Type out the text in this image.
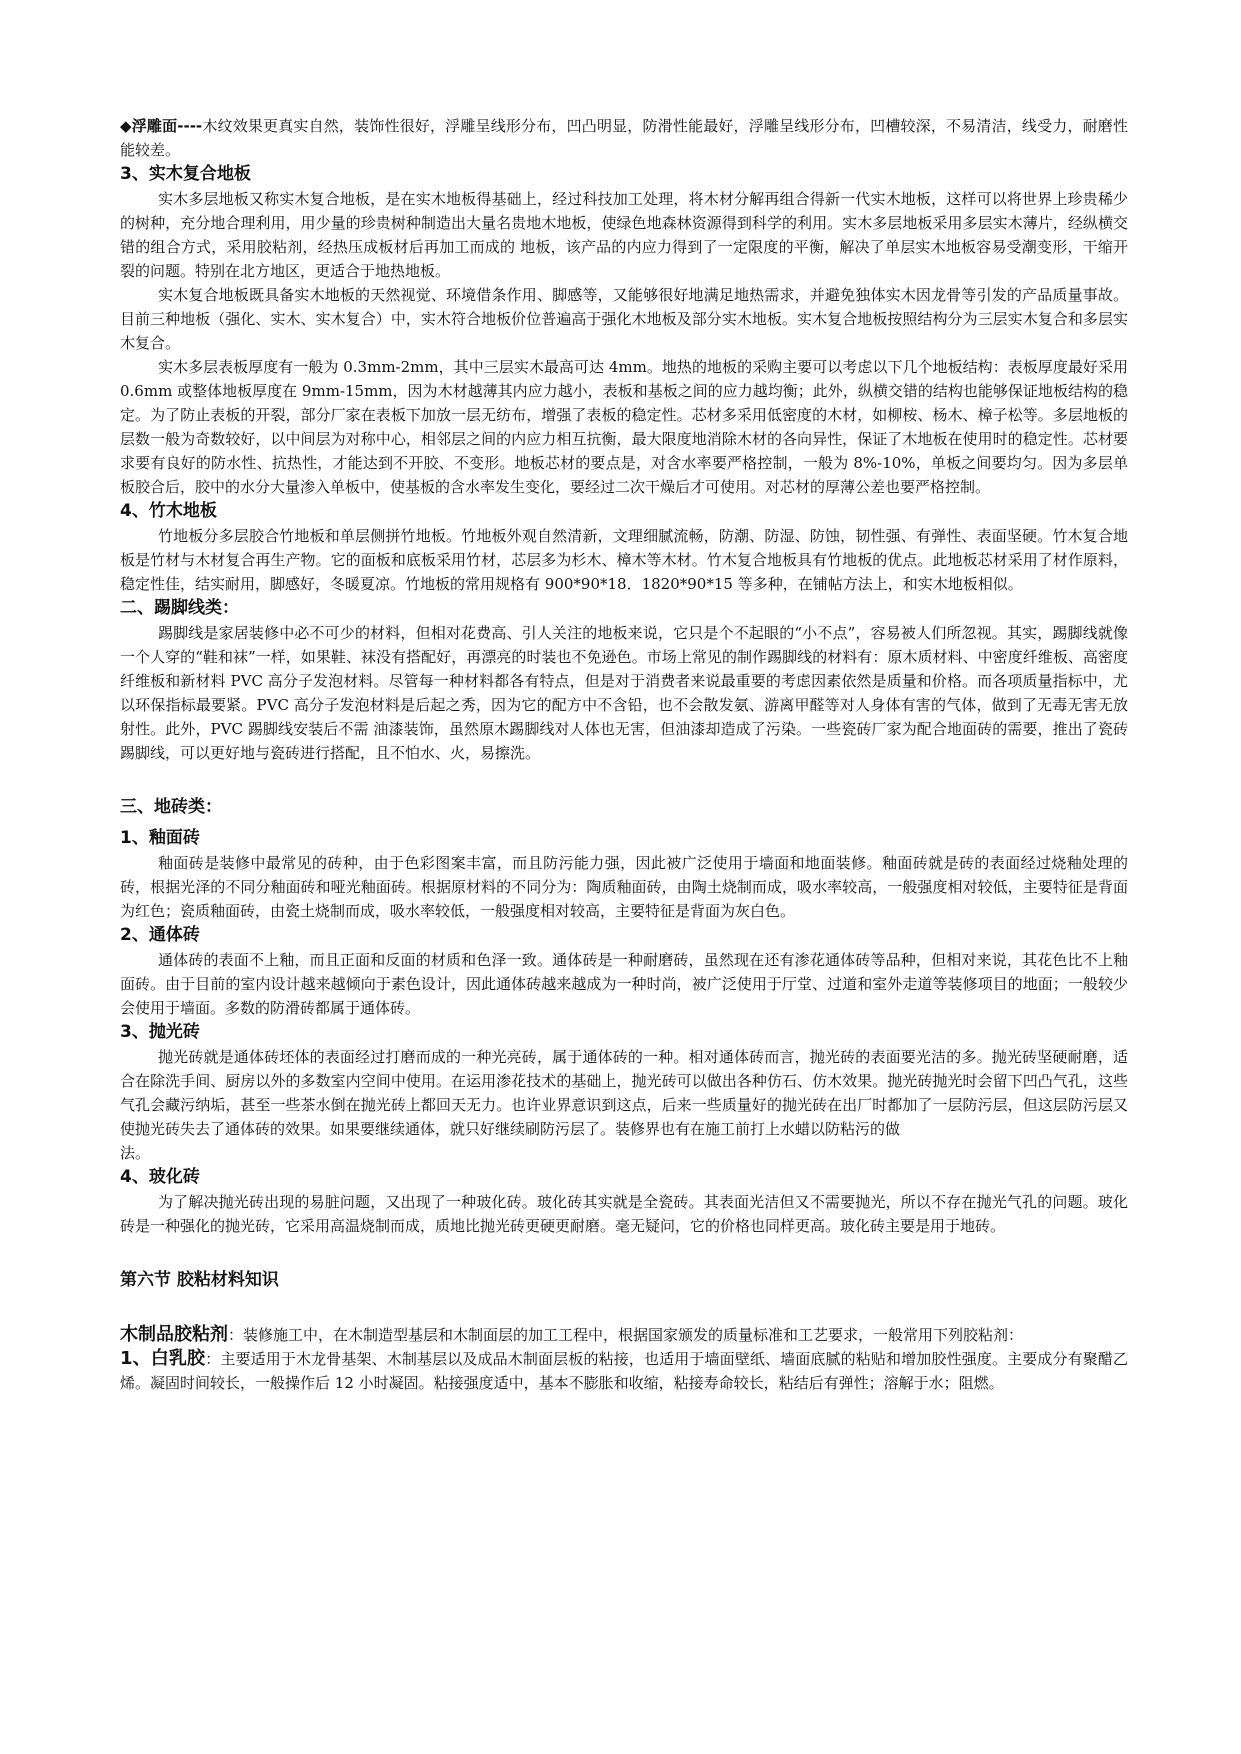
◆浮雕面----木纹效果更真实自然，装饰性很好，浮雕呈线形分布，凹凸明显，防滑性能最好，浮雕呈线形分布，凹槽较深，不易清洁，线受力，耐磨性能较差。

3、实木复合地板

实木多层地板又称实木复合地板，是在实木地板得基础上，经过科技加工处理，将木材分解再组合得新一代实木地板，这样可以将世界上珍贵稀少的树种，充分地合理利用，用少量的珍贵树种制造出大量名贵地木地板，使绿色地森林资源得到科学的利用。实木多层地板采用多层实木薄片，经纵横交错的组合方式，采用胶粘剂，经热压成板材后再加工而成的 地板，该产品的内应力得到了一定限度的平衡，解决了单层实木地板容易受潮变形，干缩开裂的问题。特别在北方地区，更适合于地热地板。

实木复合地板既具备实木地板的天然视觉、环境借条作用、脚感等，又能够很好地满足地热需求，并避免独体实木因龙骨等引发的产品质量事故。目前三种地板（强化、实木、实木复合）中，实木符合地板价位普遍高于强化木地板及部分实木地板。实木复合地板按照结构分为三层实木复合和多层实木复合。

实木多层表板厚度有一般为 0.3mm-2mm，其中三层实木最高可达 4mm。地热的地板的采购主要可以考虑以下几个地板结构：表板厚度最好采用 0.6mm 或整体地板厚度在 9mm-15mm，因为木材越薄其内应力越小，表板和基板之间的应力越均衡；此外，纵横交错的结构也能够保证地板结构的稳定。为了防止表板的开裂，部分厂家在表板下加放一层无纺布，增强了表板的稳定性。芯材多采用低密度的木材，如柳桉、杨木、樟子松等。多层地板的层数一般为奇数较好，以中间层为对称中心，相邻层之间的内应力相互抗衡，最大限度地消除木材的各向异性，保证了木地板在使用时的稳定性。芯材要求要有良好的防水性、抗热性，才能达到不开胶、不变形。地板芯材的要点是，对含水率要严格控制，一般为 8%-10%，单板之间要均匀。因为多层单板胶合后，胶中的水分大量渗入单板中，使基板的含水率发生变化，要经过二次干燥后才可使用。对芯材的厚薄公差也要严格控制。

4、竹木地板

竹地板分多层胶合竹地板和单层侧拼竹地板。竹地板外观自然清新，文理细腻流畅，防潮、防湿、防蚀，韧性强、有弹性、表面坚硬。竹木复合地板是竹材与木材复合再生产物。它的面板和底板采用竹材，芯层多为杉木、樟木等木材。竹木复合地板具有竹地板的优点。此地板芯材采用了材作原料，稳定性佳，结实耐用，脚感好，冬暖夏凉。竹地板的常用规格有 900*90*18．1820*90*15 等多种，在铺帖方法上，和实木地板相似。

二、踢脚线类：

踢脚线是家居装修中必不可少的材料，但相对花费高、引人关注的地板来说，它只是个不起眼的“小不点”，容易被人们所忽视。其实，踢脚线就像一个人穿的“鞋和袜”一样，如果鞋、袜没有搭配好，再漂亮的时装也不免逊色。市场上常见的制作踢脚线的材料有：原木质材料、中密度纤维板、高密度纤维板和新材料 PVC 高分子发泡材料。尽管每一种材料都各有特点，但是对于消费者来说最重要的考虑因素依然是质量和价格。而各项质量指标中，尤以环保指标最要紧。PVC 高分子发泡材料是后起之秀，因为它的配方中不含铅，也不会散发氨、游离甲醛等对人身体有害的气体，做到了无毒无害无放射性。此外，PVC 踢脚线安装后不需 油漆装饰，虽然原木踢脚线对人体也无害，但油漆却造成了污染。一些瓷砖厂家为配合地面砖的需要，推出了瓷砖踢脚线，可以更好地与瓷砖进行搭配，且不怕水、火，易擦洗。

三、地砖类：
1、釉面砖

釉面砖是装修中最常见的砖种，由于色彩图案丰富，而且防污能力强，因此被广泛使用于墙面和地面装修。釉面砖就是砖的表面经过烧釉处理的砖，根据光泽的不同分釉面砖和哑光釉面砖。根据原材料的不同分为：陶质釉面砖，由陶土烧制而成，吸水率较高，一般强度相对较低，主要特征是背面为红色；瓷质釉面砖，由瓷土烧制而成，吸水率较低，一般强度相对较高，主要特征是背面为灰白色。

2、通体砖

通体砖的表面不上釉，而且正面和反面的材质和色泽一致。通体砖是一种耐磨砖，虽然现在还有渗花通体砖等品种，但相对来说，其花色比不上釉面砖。由于目前的室内设计越来越倾向于素色设计，因此通体砖越来越成为一种时尚，被广泛使用于厅堂、过道和室外走道等装修项目的地面；一般较少会使用于墙面。多数的防滑砖都属于通体砖。

3、抛光砖

抛光砖就是通体砖坯体的表面经过打磨而成的一种光亮砖，属于通体砖的一种。相对通体砖而言，抛光砖的表面要光洁的多。抛光砖坚硬耐磨，适合在除洗手间、厨房以外的多数室内空间中使用。在运用渗花技术的基础上，抛光砖可以做出各种仿石、仿木效果。抛光砖抛光时会留下凹凸气孔，这些气孔会藏污纳垢，甚至一些茶水倒在抛光砖上都回天无力。也许业界意识到这点，后来一些质量好的抛光砖在出厂时都加了一层防污层，但这层防污层又使抛光砖失去了通体砖的效果。如果要继续通体，就只好继续刷防污层了。装修界也有在施工前打上水蜡以防粘污的做

法。

4、玻化砖

为了解决抛光砖出现的易脏问题，又出现了一种玻化砖。玻化砖其实就是全瓷砖。其表面光洁但又不需要抛光，所以不存在抛光气孔的问题。玻化砖是一种强化的抛光砖，它采用高温烧制而成，质地比抛光砖更硬更耐磨。毫无疑问，它的价格也同样更高。玻化砖主要是用于地砖。

第六节 胶粘材料知识

木制品胶粘剂：装修施工中，在木制造型基层和木制面层的加工工程中，根据国家颁发的质量标准和工艺要求，一般常用下列胶粘剂：

1、白乳胶：主要适用于木龙骨基架、木制基层以及成品木制面层板的粘接，也适用于墙面壁纸、墙面底腻的粘贴和增加胶性强度。主要成分有聚醋乙烯。凝固时间较长，一般操作后 12 小时凝固。粘接强度适中，基本不膨胀和收缩，粘接寿命较长，粘结后有弹性；溶解于水；阻燃。
